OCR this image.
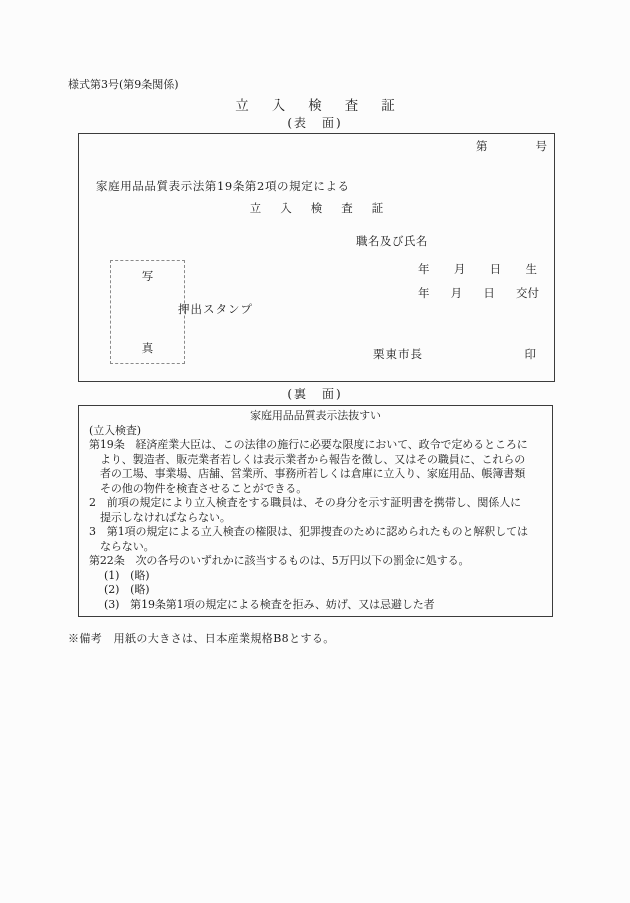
様式第3号(第9条関係)
立入検査証
(表　面)
第	号
家庭用品品質表示法第19条第2項の規定による
立入検査証
職名及び氏名
年 月 日 生
年 月 日 交付
写
真
押出スタンプ
栗東市長	印
(裏　面)
家庭用品品質表示法抜すい
(立入検査)
第19条　経済産業大臣は、この法律の施行に必要な限度において、政令で定めるところに
より、製造者、販売業者若しくは表示業者から報告を徴し、又はその職員に、これらの
者の工場、事業場、店舗、営業所、事務所若しくは倉庫に立入り、家庭用品、帳簿書類
その他の物件を検査させることができる。
2　前項の規定により立入検査をする職員は、その身分を示す証明書を携帯し、関係人に
提示しなければならない。
3　第1項の規定による立入検査の権限は、犯罪捜査のために認められたものと解釈しては
ならない。
第22条　次の各号のいずれかに該当するものは、5万円以下の罰金に処する。
(1)　(略)
(2)　(略)
(3)　第19条第1項の規定による検査を拒み、妨げ、又は忌避した者
※備考　用紙の大きさは、日本産業規格B8とする。
